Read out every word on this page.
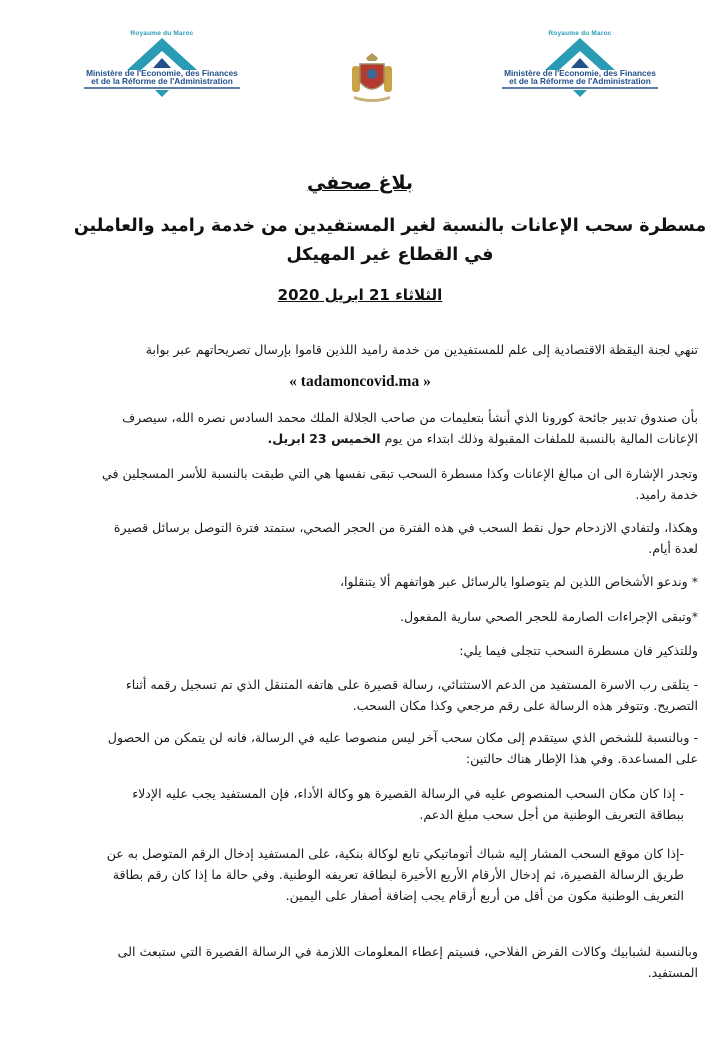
Royaume du Maroc
Ministère de l'Economie, des Finances
et de la Réforme de l'Administration
Royaume du Maroc
Ministère de l'Economie, des Finances
et de la Réforme de l'Administration
بلاغ صحفي
مسطرة سحب الإعانات بالنسبة لغير المستفيدين من خدمة راميد والعاملين في القطاع غير المهيكل
الثلاثاء 21 ابريل 2020
تنهي لجنة اليقظة الاقتصادية إلى علم للمستفيدين من خدمة راميد اللذين قاموا بإرسال تصريحاتهم عبر بوابة
« tadamoncovid.ma »
بأن صندوق تدبير جائحة كورونا الذي أنشأ بتعليمات من صاحب الجلالة الملك محمد السادس نصره الله، سيصرف الإعانات المالية بالنسبة للملفات المقبولة وذلك ابتداء من يوم الخميس 23 ابريل.
وتجدر الإشارة الى ان مبالغ الإعانات وكذا مسطرة السحب تبقى نفسها هي التي طبقت بالنسبة للأسر المسجلين في خدمة راميد.
وهكذا، ولتفادي الازدحام حول نقط السحب في هذه الفترة من الحجر الصحي، ستمتد فترة التوصل برسائل قصيرة لعدة أيام.
* وندعو الأشخاص اللذين لم يتوصلوا بالرسائل عبر هواتفهم ألا يتنقلوا،
*وتبقى الإجراءات الصارمة للحجر الصحي سارية المفعول.
وللتذكير فان مسطرة السحب تتجلى فيما يلي:
- يتلقى رب الاسرة المستفيد من الدعم الاستثنائي، رسالة قصيرة على هاتفه المتنقل الذي تم تسجيل رقمه أثناء التصريح. وتتوفر هذه الرسالة على رقم مرجعي وكذا مكان السحب.
- وبالنسبة للشخص الذي سيتقدم إلى مكان سحب آخر ليس منصوصا عليه في الرسالة، فانه لن يتمكن من الحصول على المساعدة. وفي هذا الإطار هناك حالتين:
- إذا كان مكان السحب المنصوص عليه في الرسالة القصيرة هو وكالة الأداء، فإن المستفيد يجب عليه الإدلاء ببطاقة التعريف الوطنية من أجل سحب مبلغ الدعم.
-إذا كان موقع السحب المشار إليه شباك أتوماتيكي تابع لوكالة بنكية، على المستفيد إدخال الرقم المتوصل به عن طريق الرسالة القصيرة، ثم إدخال الأرقام الأربع الأخيرة لبطاقة تعريفه الوطنية. وفي حالة ما إذا كان رقم بطاقة التعريف الوطنية مكون من أقل من أربع أرقام يجب إضافة أصفار على اليمين.
وبالنسبة لشبابيك وكالات القرض الفلاحي، فسيتم إعطاء المعلومات اللازمة في الرسالة القصيرة التي ستبعث الى المستفيد.
